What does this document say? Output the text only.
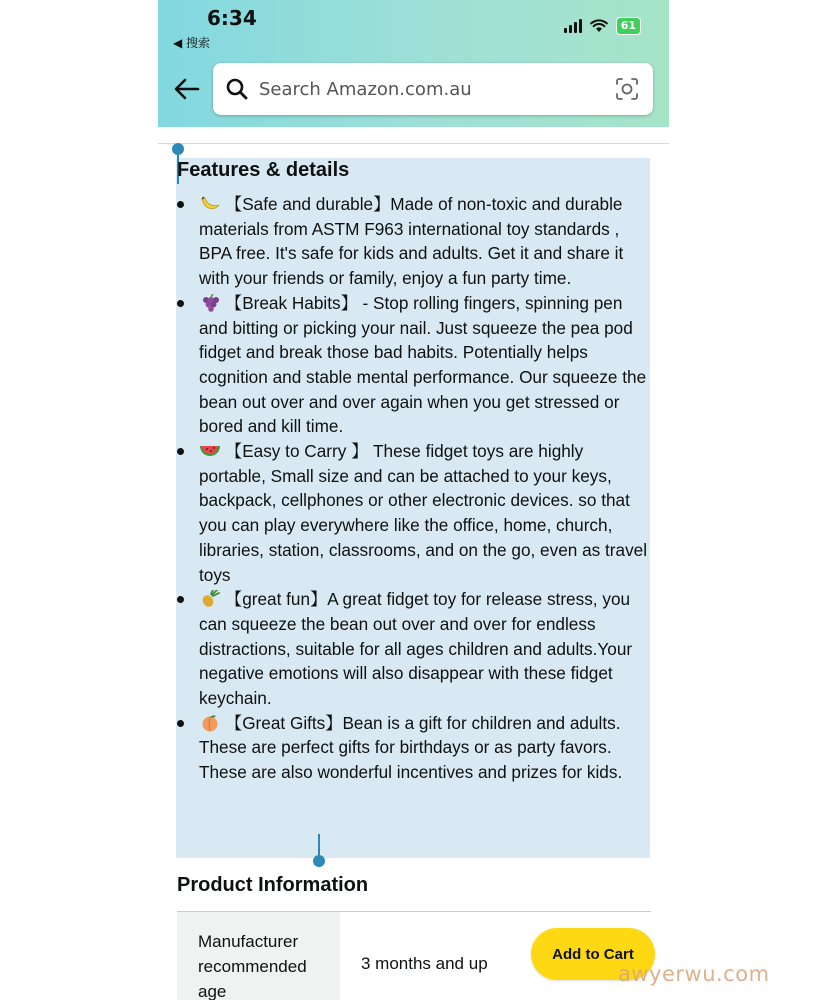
6:34
◀ 搜索
61
Search Amazon.com.au
Features & details
【Safe and durable】Made of non-toxic and durable materials from ASTM F963 international toy standards , BPA free. It's safe for kids and adults. Get it and share it with your friends or family, enjoy a fun party time.
【Break Habits】 - Stop rolling fingers, spinning pen and bitting or picking your nail. Just squeeze the pea pod fidget and break those bad habits. Potentially helps cognition and stable mental performance. Our squeeze the bean out over and over again when you get stressed or bored and kill time.
【Easy to Carry 】 These fidget toys are highly portable, Small size and can be attached to your keys, backpack, cellphones or other electronic devices. so that you can play everywhere like the office, home, church, libraries, station, classrooms, and on the go, even as travel toys
【great fun】A great fidget toy for release stress, you can squeeze the bean out over and over for endless distractions, suitable for all ages children and adults.Your negative emotions will also disappear with these fidget keychain.
【Great Gifts】Bean is a gift for children and adults. These are perfect gifts for birthdays or as party favors. These are also wonderful incentives and prizes for kids.
Product Information
Manufacturer recommended age
3 months and up	Add to Cart
awyerwu.com
